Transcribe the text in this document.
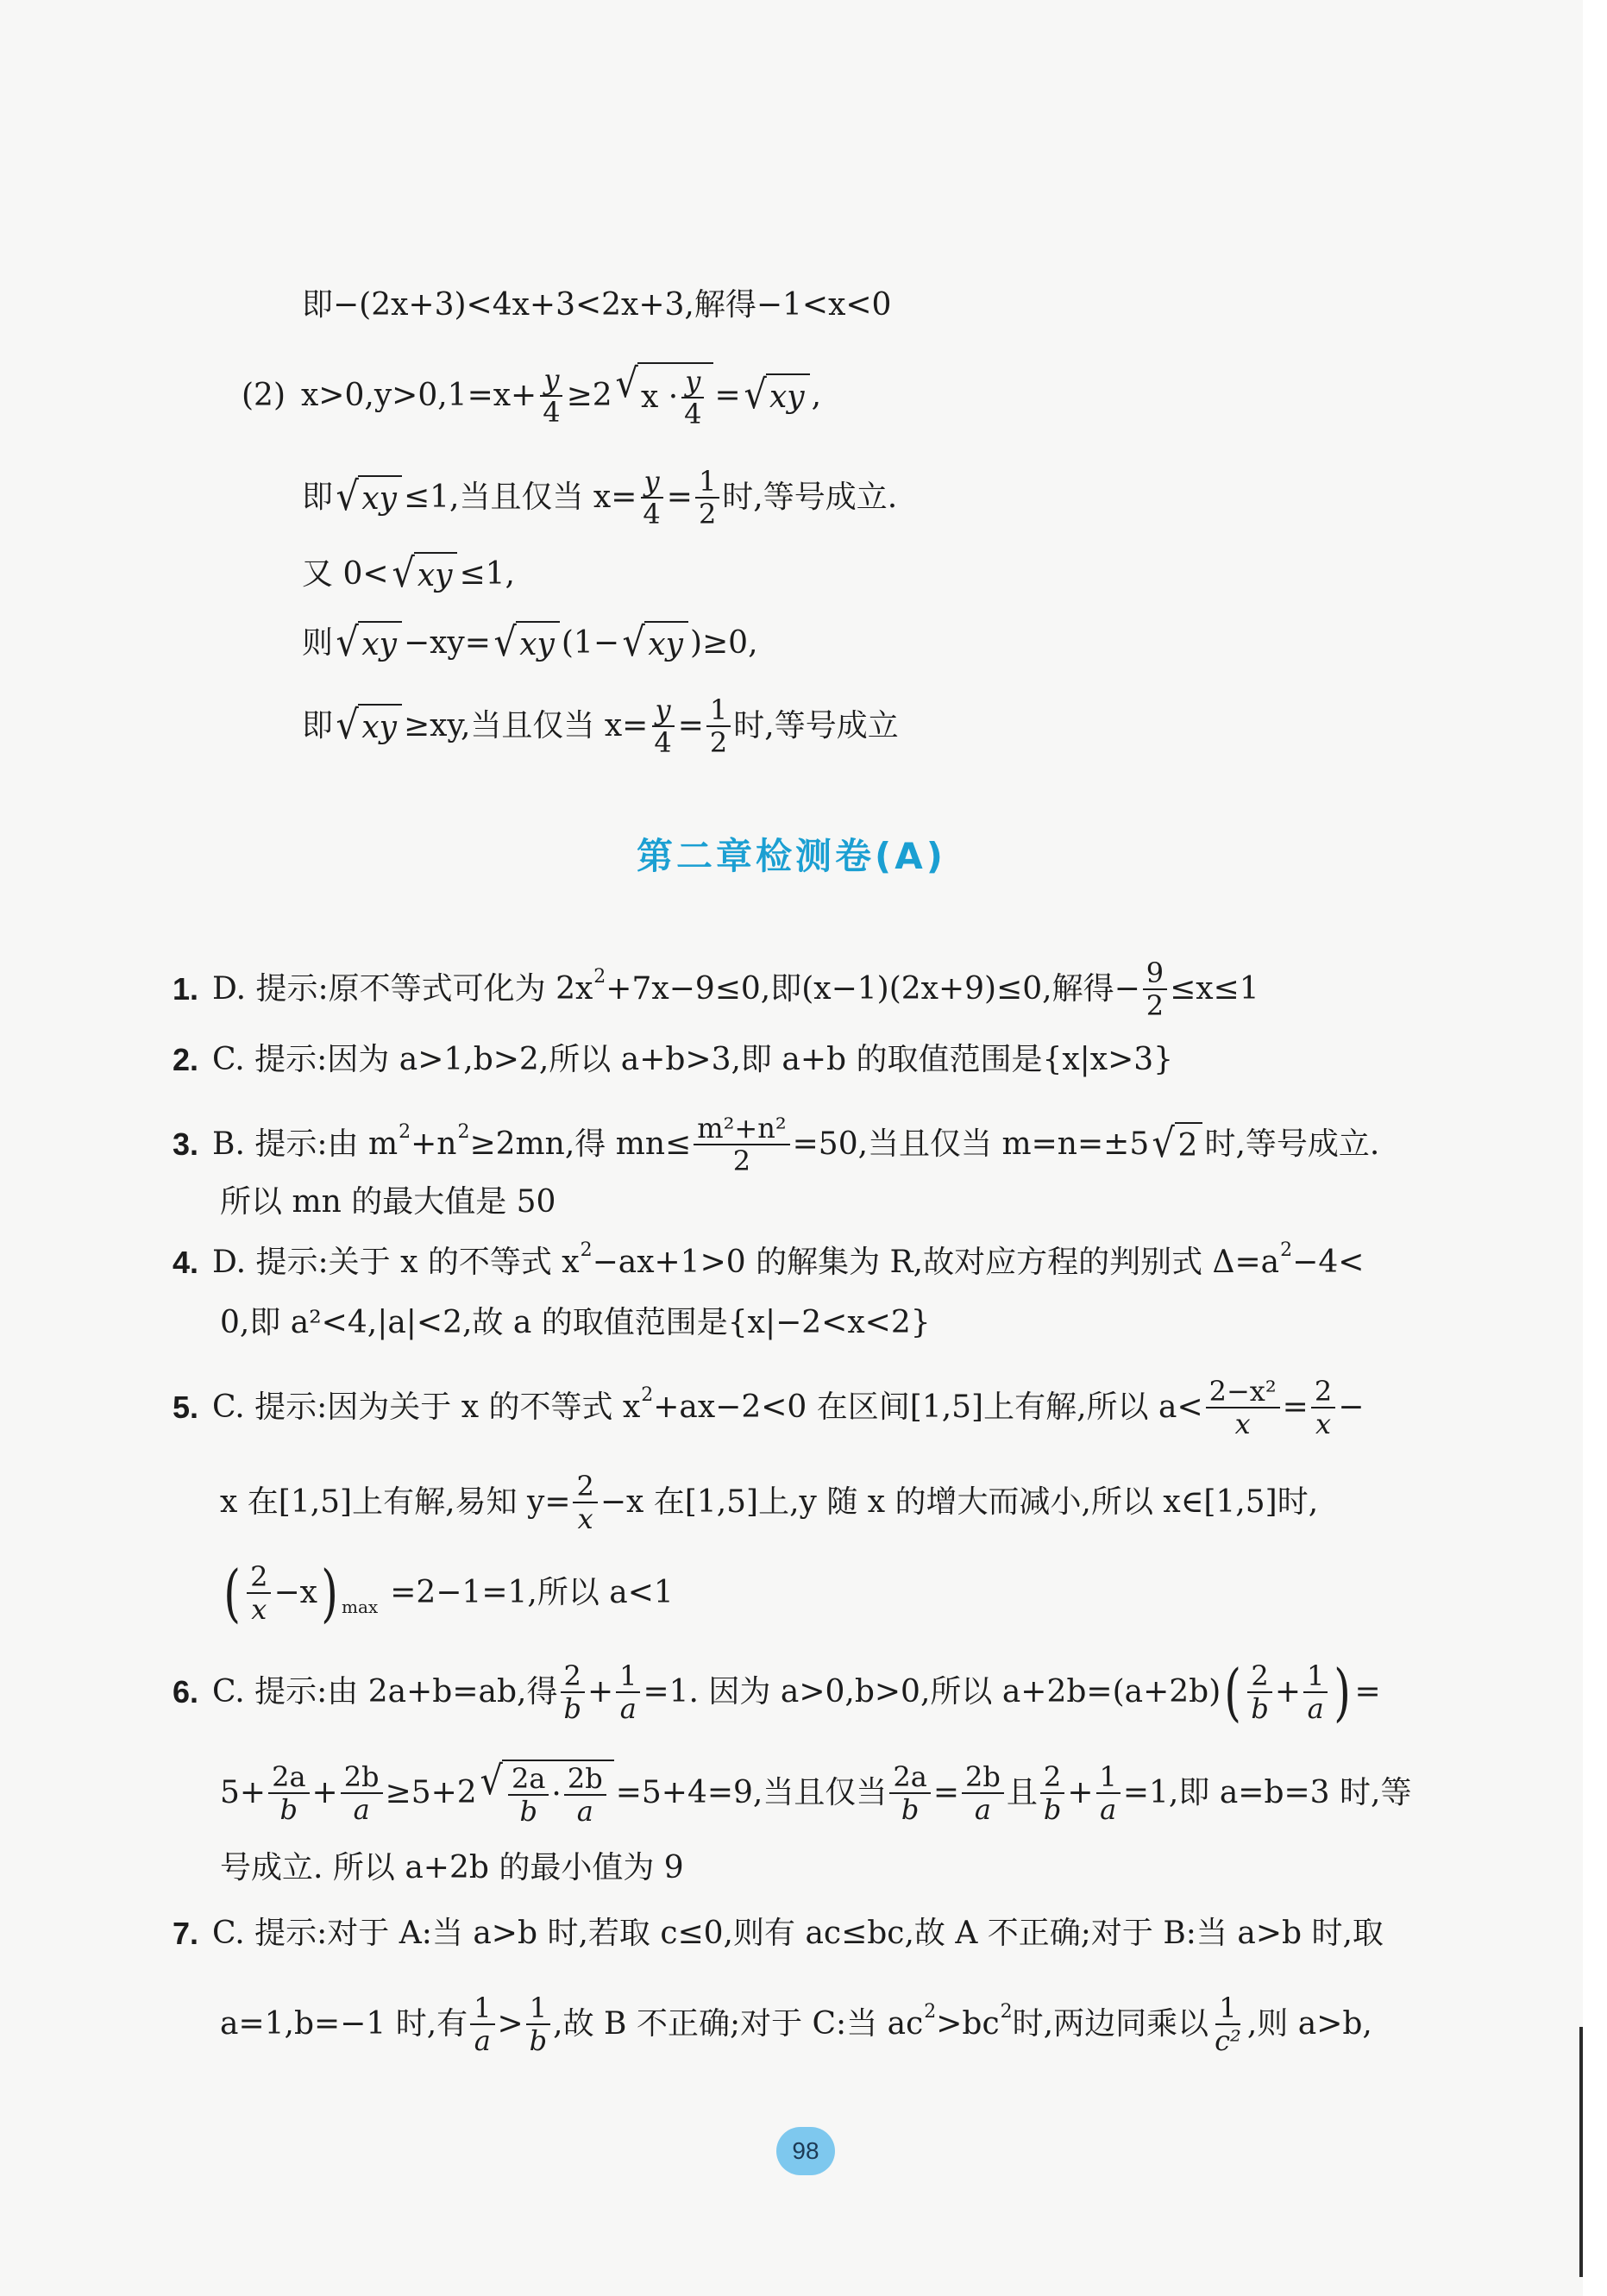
即−(2x+3)<4x+3<2x+3,解得−1<x<0
(2) $x>0,y>0,1=x+ \frac{y}{4} \ge 2$ √ $x \cdot \frac{y}{4}$ = √ xy ,
即 √ xy ≤1,当且仅当 $x= \frac{y}{4} = \frac{1}{2}$ 时,等号成立.
又 0< √ xy ≤1,
则 √ xy −xy= √ xy (1− √ xy )≥0,
即 √ xy ≥xy,当且仅当 $x= \frac{y}{4} = \frac{1}{2}$ 时,等号成立
第二章检测卷(A)
1. D. 提示:原不等式可化为 2x 2 +7x−9≤0,即(x−1)(2x+9)≤0,解得− $\frac{9}{2} \le x\le 1$
2. C. 提示:因为 a>1,b>2,所以 a+b>3,即 a+b 的取值范围是{x|x>3}
3. B. 提示:由 m 2 +n 2 ≥2mn,得 $mn\le \frac{\text{m²+n²}}{2} =50$,当且仅当 m=n=±5 √ 2 时,等号成立.
所以 mn 的最大值是 50
4. D. 提示:关于 x 的不等式 x 2 −ax+1>0 的解集为 R,故对应方程的判别式 Δ=a 2 −4<
0,即 a²<4,|a|<2,故 a 的取值范围是{x|−2<x<2}
5. C. 提示:因为关于 x 的不等式 x 2 +ax−2<0 在区间[1,5]上有解,所以 $a< \frac{\text{2−x²}}{x} = \frac{2}{x}$ −
x 在[1,5]上有解,易知 $y= \frac{2}{x} -x$ 在[1,5]上,y 随 x 的增大而减小,所以 x∈[1,5]时,
( $\frac{2}{x} -x$ ) max =2−1=1,所以 a<1
6. C. 提示:由 2a+b=ab,得 $\frac{2}{b} + \frac{1}{a} =1$. 因为 a>0,b>0,所以 a+2b=(a+2b) ( $\frac{2}{b} + \frac{1}{a}$ ) =
$5+ \frac{2a}{b} + \frac{2b}{a} \ge 5+2$ √ $\frac{2a}{b} \cdot \frac{2b}{a} =5+4=9$,当且仅当 $\frac{2a}{b} = \frac{2b}{a}$ 且 $\frac{2}{b} + \frac{1}{a} =1$,即 a=b=3 时,等
号成立. 所以 a+2b 的最小值为 9
7. C. 提示:对于 A:当 a>b 时,若取 c≤0,则有 ac≤bc,故 A 不正确;对于 B:当 a>b 时,取
a=1,b=−1 时,有 $\frac{1}{a} > \frac{1}{b}$ ,故 B 不正确;对于 C:当 ac 2 >bc 2 时,两边同乘以 $\frac{1}{\text{c²}}$ ,则 a>b,
98
